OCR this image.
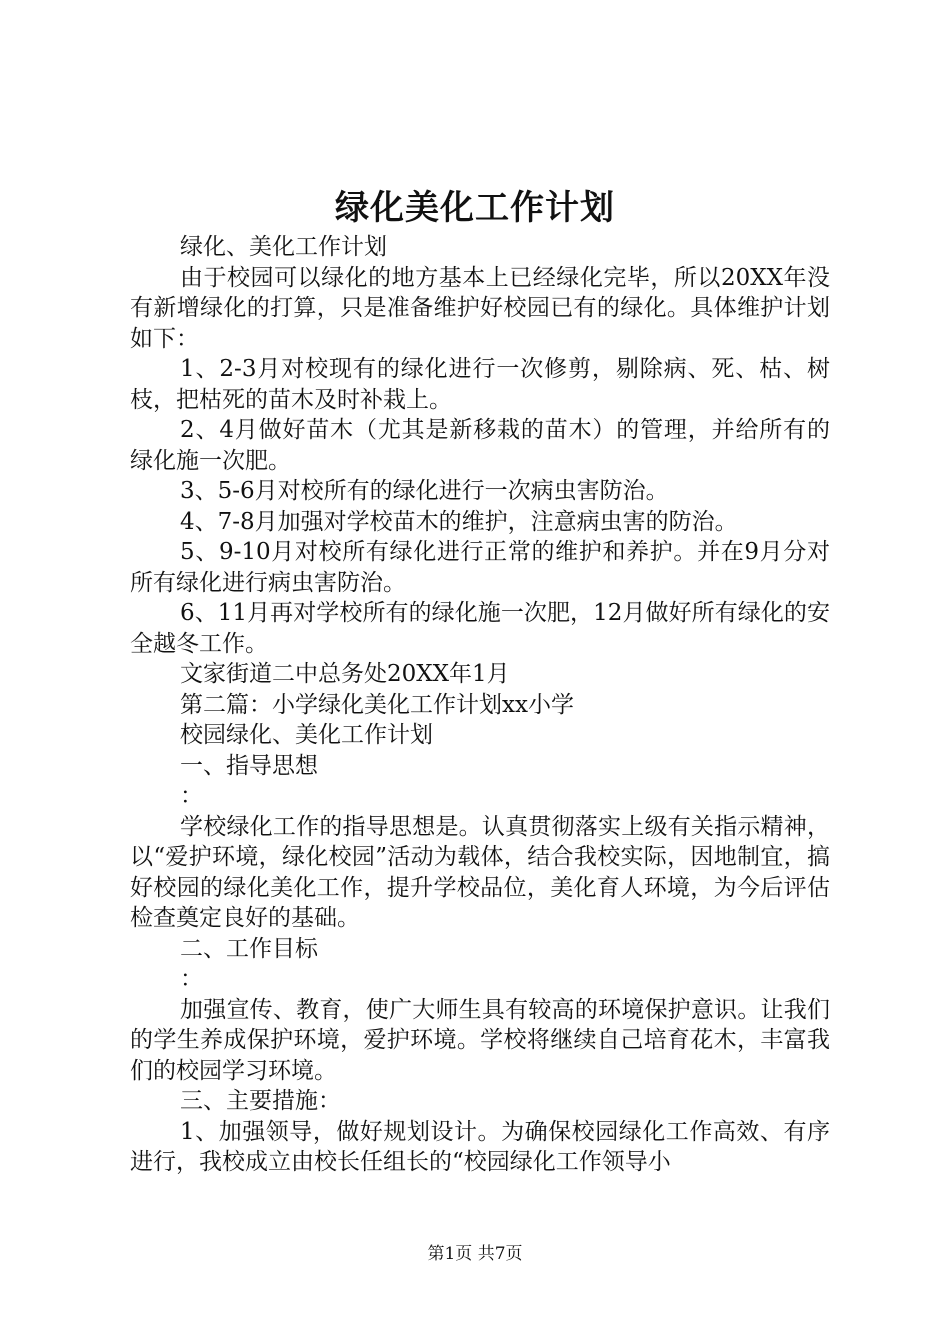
绿化美化工作计划

绿化、美化工作计划

由于校园可以绿化的地方基本上已经绿化完毕，所以20XX年没有新增绿化的打算，只是准备维护好校园已有的绿化。具体维护计划如下：

1、2-3月对校现有的绿化进行一次修剪，剔除病、死、枯、树枝，把枯死的苗木及时补栽上。

2、4月做好苗木（尤其是新移栽的苗木）的管理，并给所有的绿化施一次肥。

3、5-6月对校所有的绿化进行一次病虫害防治。

4、7-8月加强对学校苗木的维护，注意病虫害的防治。

5、9-10月对校所有绿化进行正常的维护和养护。并在9月分对所有绿化进行病虫害防治。

6、11月再对学校所有的绿化施一次肥，12月做好所有绿化的安全越冬工作。

文家街道二中总务处20XX年1月

第二篇：小学绿化美化工作计划xx小学

校园绿化、美化工作计划

一、指导思想

：

学校绿化工作的指导思想是。认真贯彻落实上级有关指示精神，以“爱护环境，绿化校园”活动为载体，结合我校实际，因地制宜，搞好校园的绿化美化工作，提升学校品位，美化育人环境，为今后评估检查奠定良好的基础。

二、工作目标

：

加强宣传、教育，使广大师生具有较高的环境保护意识。让我们的学生养成保护环境，爱护环境。学校将继续自己培育花木，丰富我们的校园学习环境。

三、主要措施：

1、加强领导，做好规划设计。为确保校园绿化工作高效、有序进行，我校成立由校长任组长的“校园绿化工作领导小

第1页 共7页
